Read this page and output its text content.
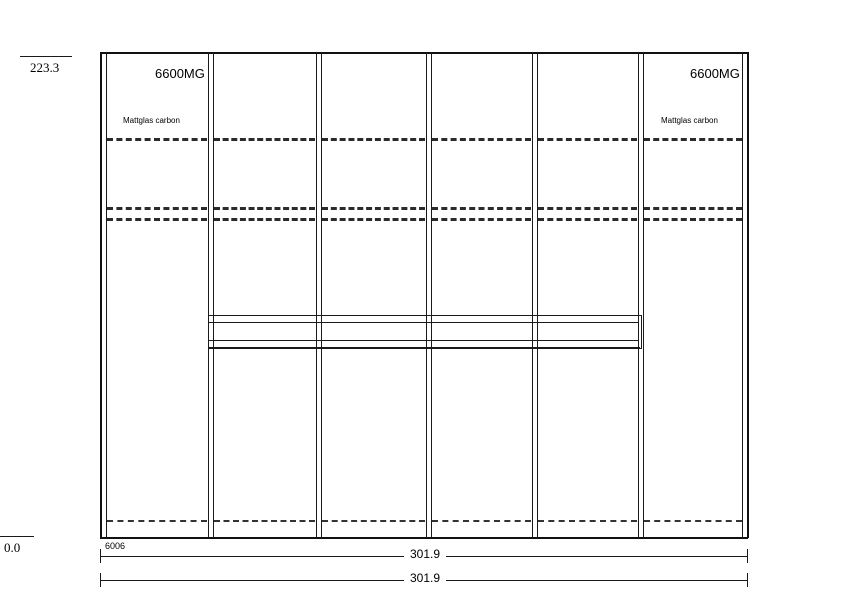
6600MG	6600MG
Mattglas carbon	Mattglas carbon
223.3
0.0	6006
301.9
301.9
